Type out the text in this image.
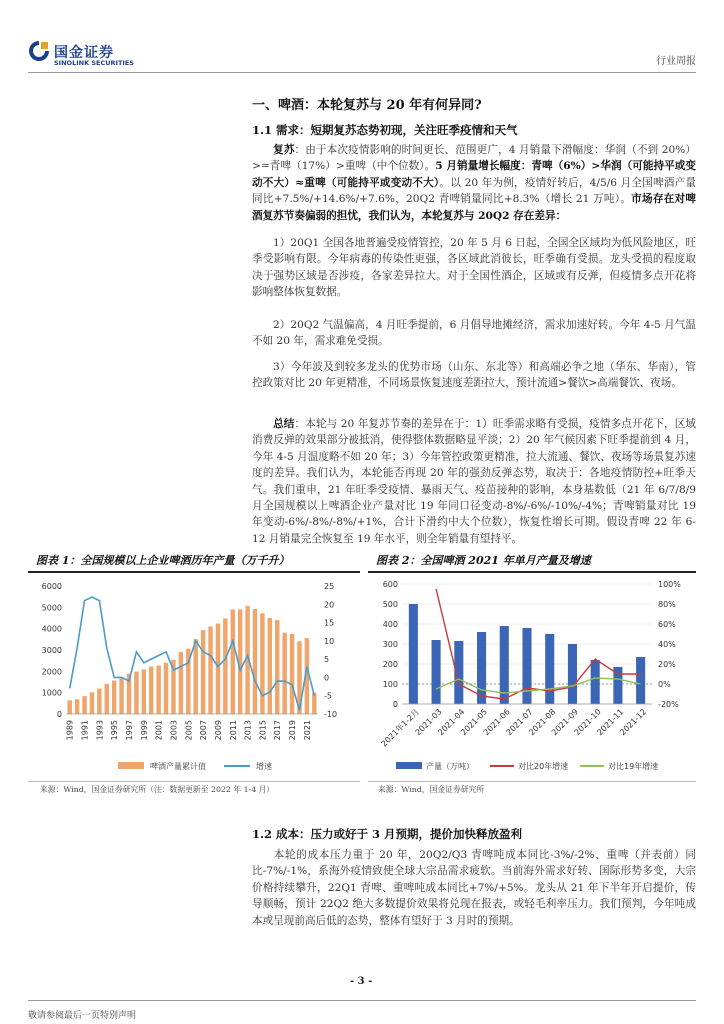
国金证券
SINOLINK SECURITIES	行业周报
一、啤酒：本轮复苏与 20 年有何异同?
1.1 需求：短期复苏态势初现，关注旺季疫情和天气

复苏：由于本次疫情影响的时间更长、范围更广，4 月销量下滑幅度：华润（不到 20%）>=青啤（17%）>重啤（中个位数）。5 月销量增长幅度：青啤（6%）>华润（可能持平或变动不大）≈重啤（可能持平或变动不大）。以 20 年为例，疫情好转后，4/5/6 月全国啤酒产量同比+7.5%/+14.6%/+7.6%，20Q2 青啤销量同比+8.3%（增长 21 万吨）。市场存在对啤酒复苏节奏偏弱的担忧，我们认为，本轮复苏与 20Q2 存在差异：

1）20Q1 全国各地普遍受疫情管控，20 年 5 月 6 日起，全国全区域均为低风险地区，旺季受影响有限。今年病毒的传染性更强，各区域此消彼长，旺季确有受损。龙头受损的程度取决于强势区域是否涉疫，各家差异拉大。对于全国性酒企，区域或有反弹，但疫情多点开花将影响整体恢复数据。

2）20Q2 气温偏高，4 月旺季提前，6 月倡导地摊经济，需求加速好转。今年 4-5 月气温不如 20 年，需求难免受损。

3）今年波及到较多龙头的优势市场（山东、东北等）和高端必争之地（华东、华南），管控政策对比 20 年更精准，不同场景恢复速度差距拉大，预计流通>餐饮>高端餐饮、夜场。

总结：本轮与 20 年复苏节奏的差异在于：1）旺季需求略有受损，疫情多点开花下，区域消费反弹的效果部分被抵消，使得整体数据略显平淡；2）20 年气候因素下旺季提前到 4 月，今年 4-5 月温度略不如 20 年；3）今年管控政策更精准，拉大流通、餐饮、夜场等场景复苏速度的差异。我们认为，本轮能否再现 20 年的强劲反弹态势，取决于：各地疫情防控+旺季天气。我们重申，21 年旺季受疫情、暴雨天气、疫苗接种的影响，本身基数低（21 年 6/7/8/9 月全国规模以上啤酒企业产量对比 19 年同口径变动-8%/-6%/-10%/-4%；青啤销量对比 19 年变动-6%/-8%/-8%/+1%，合计下滑约中大个位数），恢复性增长可期。假设青啤 22 年 6-12 月销量完全恢复至 19 年水平，则全年销量有望持平。

图表 1：全国规模以上企业啤酒历年产量（万千升）
0
1000
2000
3000
4000
5000
6000
-10
-5
0
5
10
15
20
25
1989 1991 1993 1995 1997 1999 2001 2003 2005 2007 2009 2011 2013 2015 2017 2019 2021
啤酒产量累计值	增速
来源：Wind，国金证券研究所（注：数据更新至 2022 年 1-4 月）
图表 2：全国啤酒 2021 年单月产量及增速
0
100
200
300
400
500
600
-20%
0%
20%
40%
60%
80%
100%
2021年1-2月
2021-03
2021-04
2021-05
2021-06
2021-07
2021-08
2021-09
2021-10
2021-11
2021-12
产量（万吨）	对比20年增速	对比19年增速
来源：Wind，国金证券研究所
1.2 成本：压力或好于 3 月预期，提价加快释放盈利

本轮的成本压力重于 20 年，20Q2/Q3 青啤吨成本同比-3%/-2%、重啤（并表前）同比-7%/-1%，系海外疫情致使全球大宗品需求疲软。当前海外需求好转、国际形势多变，大宗价格持续攀升，22Q1 青啤、重啤吨成本同比+7%/+5%。龙头从 21 年下半年开启提价，传导顺畅，预计 22Q2 绝大多数提价效果将兑现在报表，或轻毛利率压力。我们预判，今年吨成本或呈现前高后低的态势，整体有望好于 3 月时的预期。

- 3 -
敬请参阅最后一页特别声明
